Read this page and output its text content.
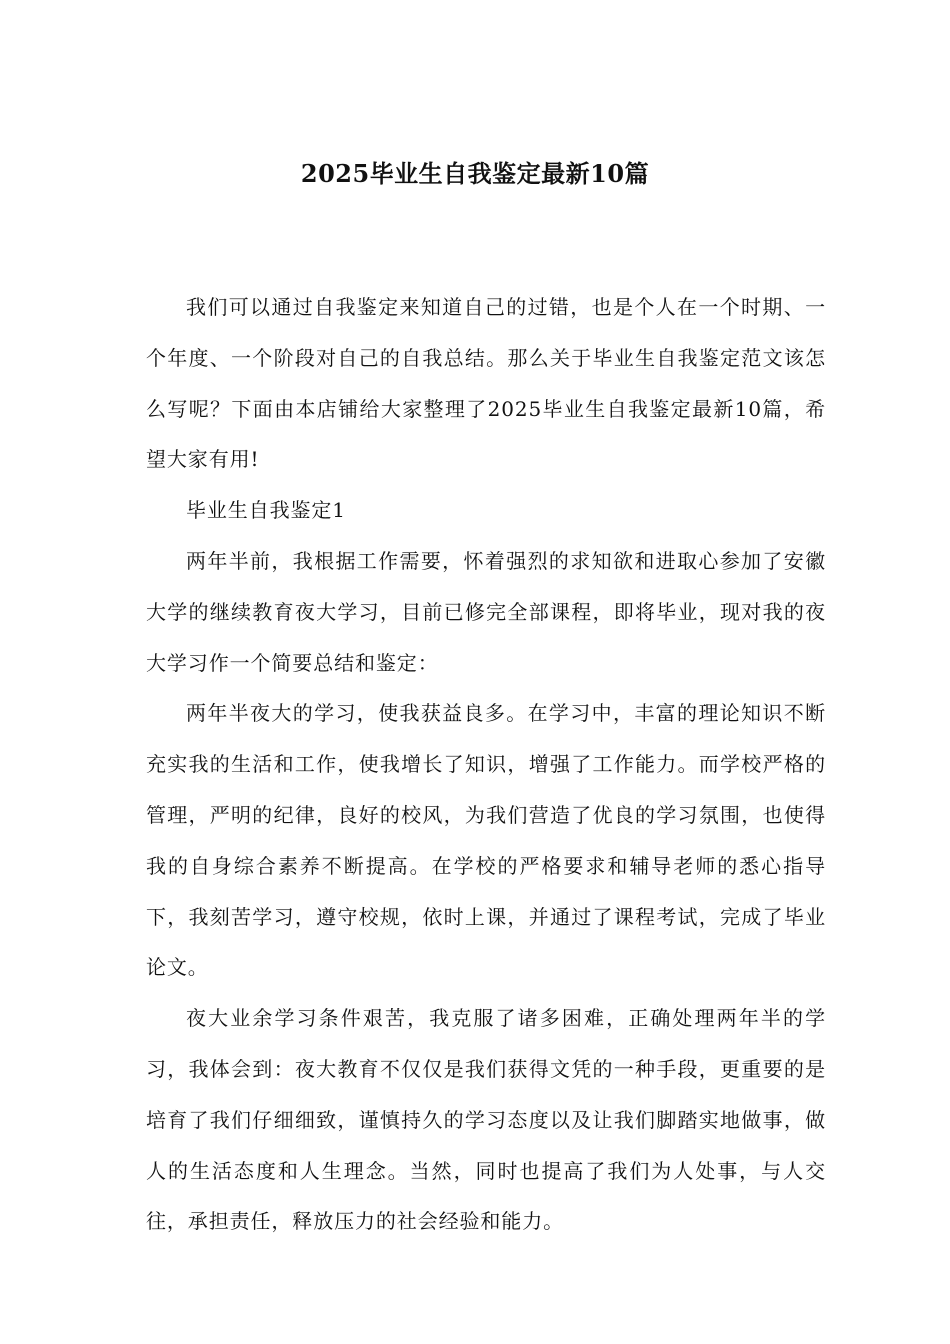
2025毕业生自我鉴定最新10篇

我们可以通过自我鉴定来知道自己的过错，也是个人在一个时期、一个年度、一个阶段对自己的自我总结。那么关于毕业生自我鉴定范文该怎么写呢？下面由本店铺给大家整理了2025毕业生自我鉴定最新10篇，希望大家有用!

毕业生自我鉴定1

两年半前，我根据工作需要，怀着强烈的求知欲和进取心参加了安徽大学的继续教育夜大学习，目前已修完全部课程，即将毕业，现对我的夜大学习作一个简要总结和鉴定：

两年半夜大的学习，使我获益良多。在学习中，丰富的理论知识不断充实我的生活和工作，使我增长了知识，增强了工作能力。而学校严格的管理，严明的纪律，良好的校风，为我们营造了优良的学习氛围，也使得我的自身综合素养不断提高。在学校的严格要求和辅导老师的悉心指导下，我刻苦学习，遵守校规，依时上课，并通过了课程考试，完成了毕业论文。

夜大业余学习条件艰苦，我克服了诸多困难，正确处理两年半的学习，我体会到：夜大教育不仅仅是我们获得文凭的一种手段，更重要的是培育了我们仔细细致，谨慎持久的学习态度以及让我们脚踏实地做事，做人的生活态度和人生理念。当然，同时也提高了我们为人处事，与人交往，承担责任，释放压力的社会经验和能力。
